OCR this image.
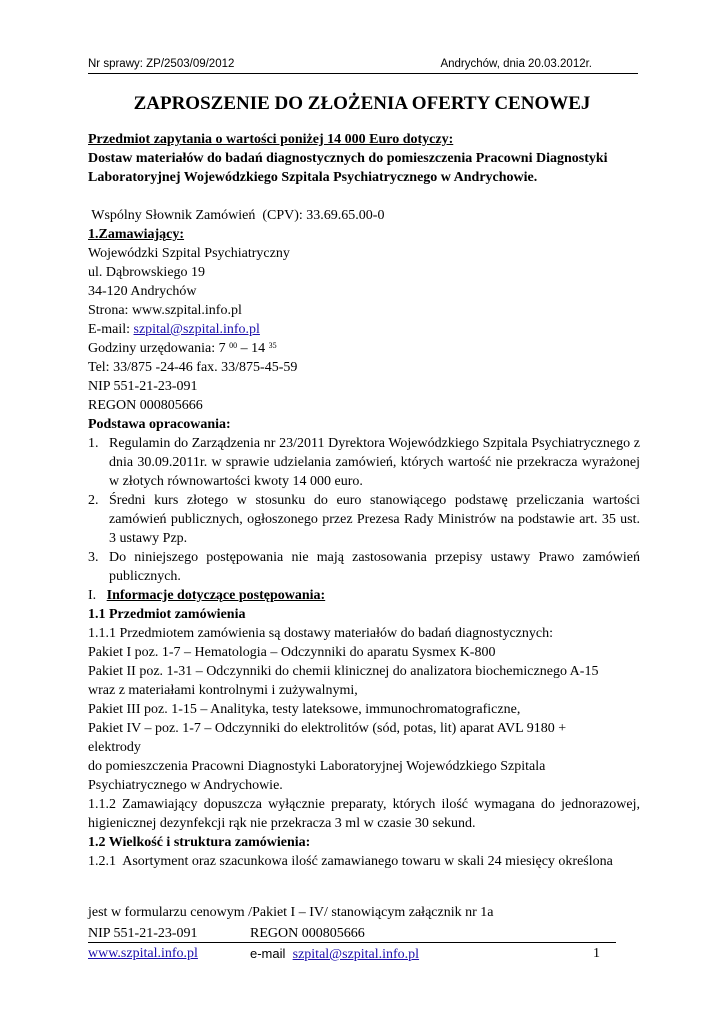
Nr sprawy: ZP/2503/09/2012	Andrychów, dnia 20.03.2012r.
ZAPROSZENIE DO ZŁOŻENIA OFERTY CENOWEJ

Przedmiot zapytania o wartości poniżej 14 000 Euro dotyczy:

Dostaw materiałów do badań diagnostycznych do pomieszczenia Pracowni Diagnostyki Laboratoryjnej Wojewódzkiego Szpitala Psychiatrycznego w Andrychowie.

Wspólny Słownik Zamówień  (CPV): 33.69.65.00-0

1.Zamawiający:

Wojewódzki Szpital Psychiatryczny

ul. Dąbrowskiego 19

34-120 Andrychów

Strona: www.szpital.info.pl

E-mail: szpital@szpital.info.pl

Godziny urzędowania: 7 $^{00}$ – 14 $^{35}$

Tel: 33/875 -24-46 fax. 33/875-45-59

NIP 551-21-23-091

REGON 000805666

Podstawa opracowania:

1. Regulamin do Zarządzenia nr 23/2011 Dyrektora Wojewódzkiego Szpitala Psychiatrycznego z dnia 30.09.2011r. w sprawie udzielania zamówień, których wartość nie przekracza wyrażonej w złotych równowartości kwoty 14 000 euro.
2. Średni kurs złotego w stosunku do euro stanowiącego podstawę przeliczania wartości zamówień publicznych, ogłoszonego przez Prezesa Rady Ministrów na podstawie art. 35 ust. 3 ustawy Pzp.
3. Do niniejszego postępowania nie mają zastosowania przepisy ustawy Prawo zamówień publicznych.

I. Informacje dotyczące postępowania:

1.1 Przedmiot zamówienia

1.1.1 Przedmiotem zamówienia są dostawy materiałów do badań diagnostycznych:

Pakiet I poz. 1-7 – Hematologia – Odczynniki do aparatu Sysmex K-800

Pakiet II poz. 1-31 – Odczynniki do chemii klinicznej do analizatora biochemicznego A-15

wraz z materiałami kontrolnymi i zużywalnymi,

Pakiet III poz. 1-15 – Analityka, testy lateksowe, immunochromatograficzne,

Pakiet IV – poz. 1-7 – Odczynniki do elektrolitów (sód, potas, lit) aparat AVL 9180 +

elektrody

do pomieszczenia Pracowni Diagnostyki Laboratoryjnej Wojewódzkiego Szpitala

Psychiatrycznego w Andrychowie.

1.1.2 Zamawiający dopuszcza wyłącznie preparaty, których ilość wymagana do jednorazowej, higienicznej dezynfekcji rąk nie przekracza 3 ml w czasie 30 sekund.

1.2 Wielkość i struktura zamówienia:

1.2.1  Asortyment oraz szacunkowa ilość zamawianego towaru w skali 24 miesięcy określona

jest w formularzu cenowym /Pakiet I – IV/ stanowiącym załącznik nr 1a
NIP 551-21-23-091	REGON 000805666
www.szpital.info.pl	e-mail  szpital@szpital.info.pl	1
